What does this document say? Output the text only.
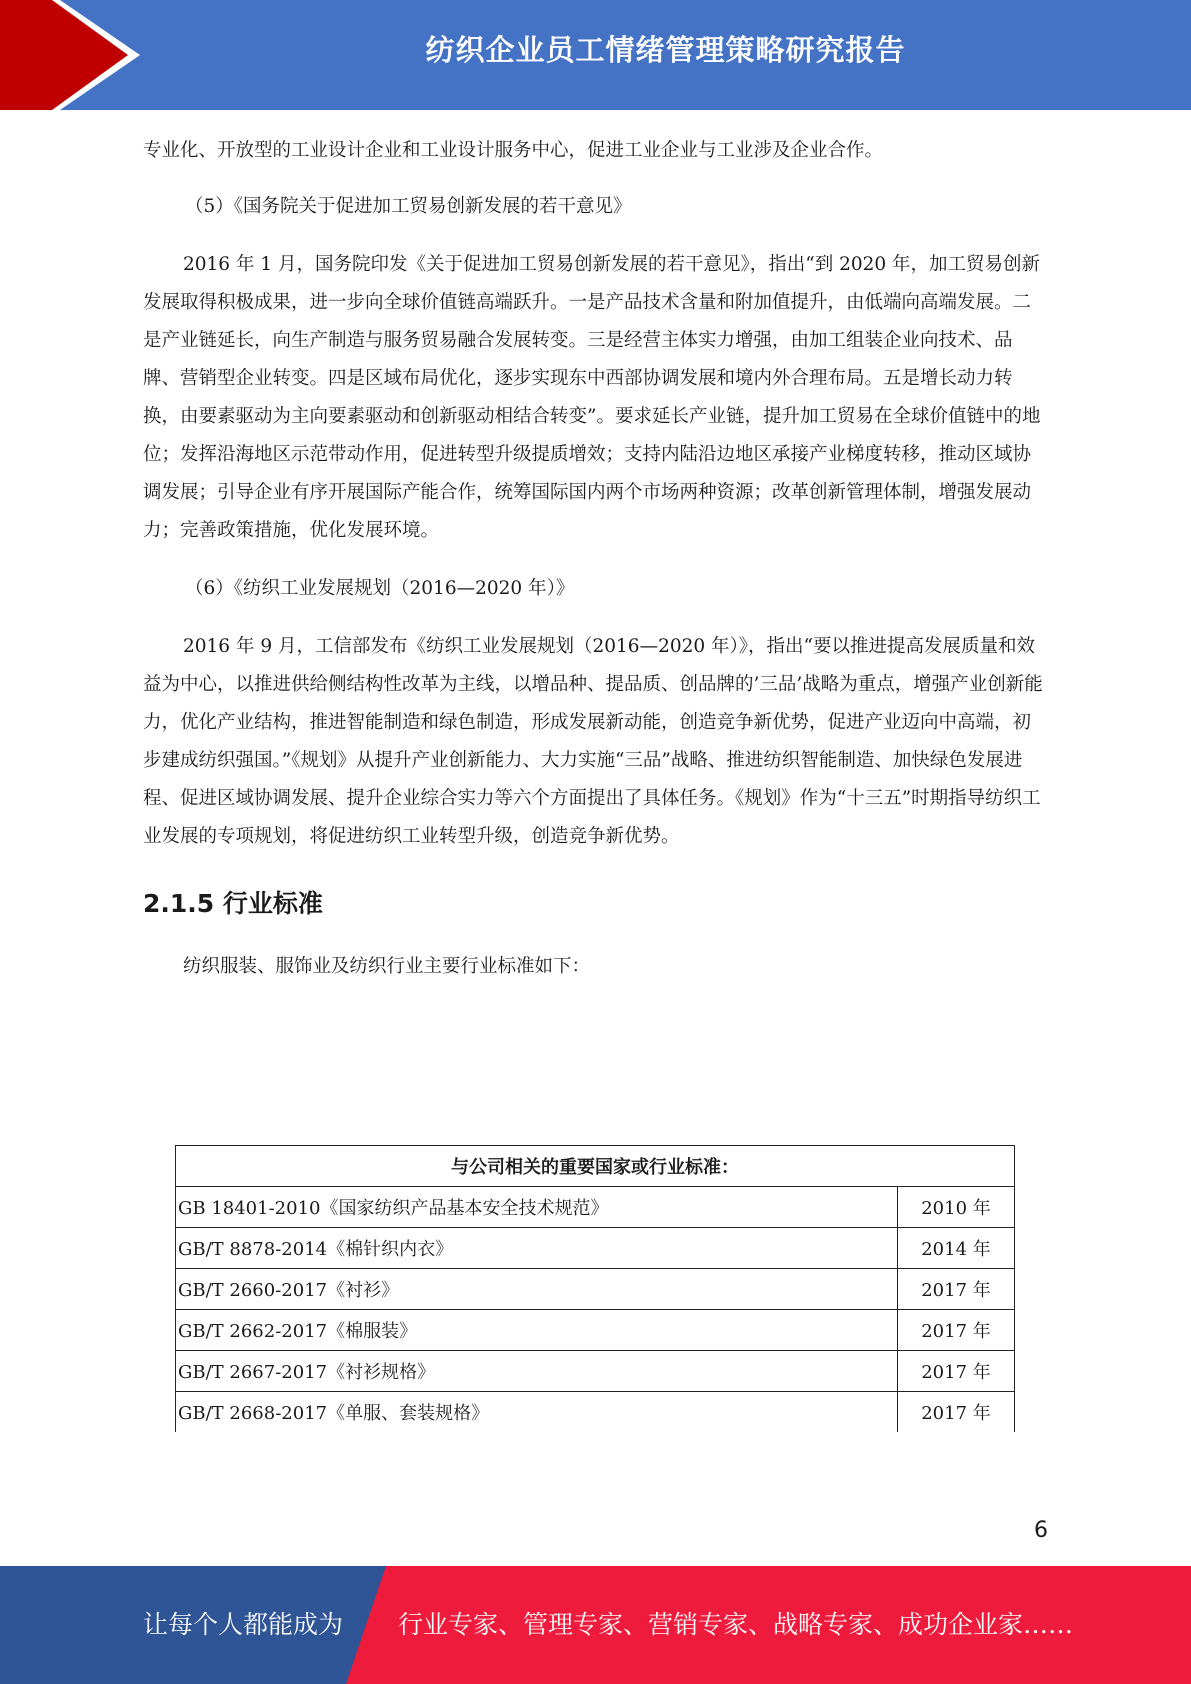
纺织企业员工情绪管理策略研究报告

专业化、开放型的工业设计企业和工业设计服务中心，促进工业企业与工业涉及企业合作。

（5）《国务院关于促进加工贸易创新发展的若干意见》

2016 年 1 月，国务院印发《关于促进加工贸易创新发展的若干意见》，指出“到 2020 年，加工贸易创新发展取得积极成果，进一步向全球价值链高端跃升。一是产品技术含量和附加值提升，由低端向高端发展。二是产业链延长，向生产制造与服务贸易融合发展转变。三是经营主体实力增强，由加工组装企业向技术、品牌、营销型企业转变。四是区域布局优化，逐步实现东中西部协调发展和境内外合理布局。五是增长动力转换，由要素驱动为主向要素驱动和创新驱动相结合转变”。要求延长产业链，提升加工贸易在全球价值链中的地位；发挥沿海地区示范带动作用，促进转型升级提质增效；支持内陆沿边地区承接产业梯度转移，推动区域协调发展；引导企业有序开展国际产能合作，统筹国际国内两个市场两种资源；改革创新管理体制，增强发展动力；完善政策措施，优化发展环境。

（6）《纺织工业发展规划（2016—2020 年）》

2016 年 9 月，工信部发布《纺织工业发展规划（2016—2020 年）》，指出“要以推进提高发展质量和效益为中心，以推进供给侧结构性改革为主线，以增品种、提品质、创品牌的’三品’战略为重点，增强产业创新能力，优化产业结构，推进智能制造和绿色制造，形成发展新动能，创造竞争新优势，促进产业迈向中高端，初步建成纺织强国。”《规划》从提升产业创新能力、大力实施“三品”战略、推进纺织智能制造、加快绿色发展进程、促进区域协调发展、提升企业综合实力等六个方面提出了具体任务。《规划》作为“十三五”时期指导纺织工业发展的专项规划，将促进纺织工业转型升级，创造竞争新优势。

2.1.5 行业标准

纺织服装、服饰业及纺织行业主要行业标准如下：

与公司相关的重要国家或行业标准：	
GB 18401-2010《国家纺织产品基本安全技术规范》	2010 年
GB/T 8878-2014《棉针织内衣》	2014 年
GB/T 2660-2017《衬衫》	2017 年
GB/T 2662-2017《棉服装》	2017 年
GB/T 2667-2017《衬衫规格》	2017 年
GB/T 2668-2017《单服、套装规格》	2017 年
6
让每个人都能成为 行业专家、管理专家、营销专家、战略专家、成功企业家……
